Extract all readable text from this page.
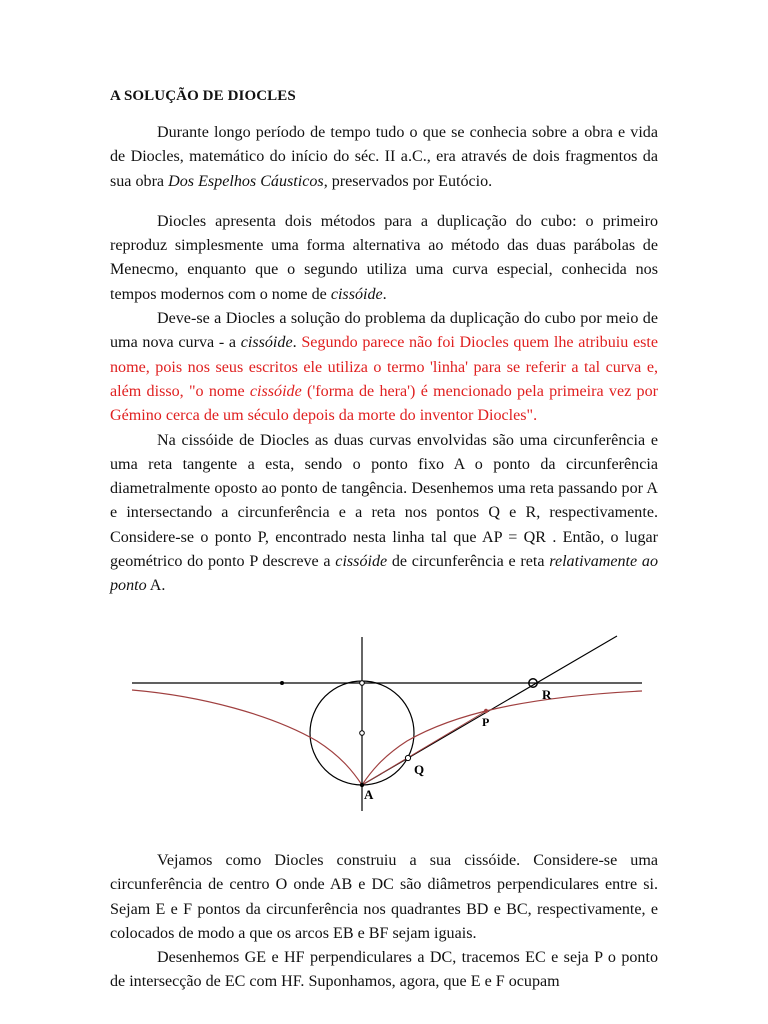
A SOLUÇÃO DE DIOCLES

Durante longo período de tempo tudo o que se conhecia sobre a obra e vida de Diocles, matemático do início do séc. II a.C., era através de dois fragmentos da sua obra Dos Espelhos Cáusticos, preservados por Eutócio.

Diocles apresenta dois métodos para a duplicação do cubo: o primeiro reproduz simplesmente uma forma alternativa ao método das duas parábolas de Menecmo, enquanto que o segundo utiliza uma curva especial, conhecida nos tempos modernos com o nome de cissóide.

Deve-se a Diocles a solução do problema da duplicação do cubo por meio de uma nova curva - a cissóide. Segundo parece não foi Diocles quem lhe atribuiu este nome, pois nos seus escritos ele utiliza o termo 'linha' para se referir a tal curva e, além disso, "o nome cissóide ('forma de hera') é mencionado pela primeira vez por Gémino cerca de um século depois da morte do inventor Diocles".

Na cissóide de Diocles as duas curvas envolvidas são uma circunferência e uma reta tangente a esta, sendo o ponto fixo A o ponto da circunferência diametralmente oposto ao ponto de tangência. Desenhemos uma reta passando por A e intersectando a circunferência e a reta nos pontos Q e R, respectivamente. Considere-se o ponto P, encontrado nesta linha tal que AP = QR . Então, o lugar geométrico do ponto P descreve a cissóide de circunferência e reta relativamente ao ponto A.

R
P
Q
A

Vejamos como Diocles construiu a sua cissóide. Considere-se uma circunferência de centro O onde AB e DC são diâmetros perpendiculares entre si. Sejam E e F pontos da circunferência nos quadrantes BD e BC, respectivamente, e colocados de modo a que os arcos EB e BF sejam iguais.

Desenhemos GE e HF perpendiculares a DC, tracemos EC e seja P o ponto de intersecção de EC com HF. Suponhamos, agora, que E e F ocupam
